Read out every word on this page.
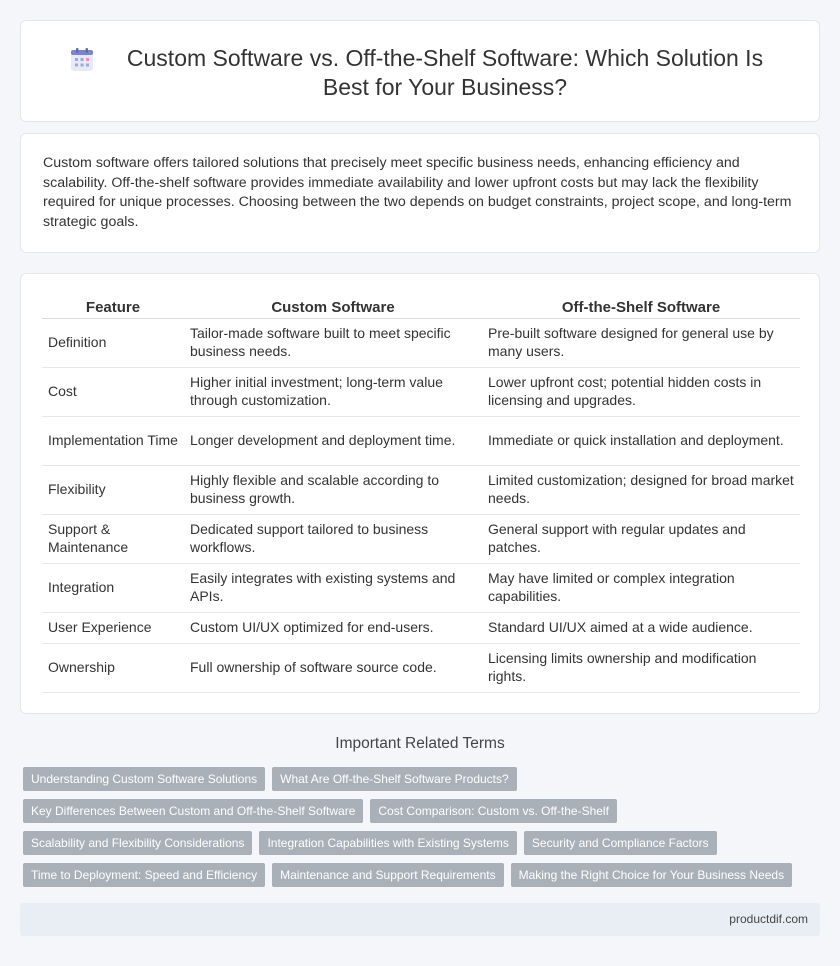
Custom Software vs. Off-the-Shelf Software: Which Solution Is Best for Your Business?

Custom software offers tailored solutions that precisely meet specific business needs, enhancing efficiency and scalability. Off-the-shelf software provides immediate availability and lower upfront costs but may lack the flexibility required for unique processes. Choosing between the two depends on budget constraints, project scope, and long-term strategic goals.

Feature	Custom Software	Off-the-Shelf Software
Definition	Tailor-made software built to meet specific business needs.	Pre-built software designed for general use by many users.
Cost	Higher initial investment; long-term value through customization.	Lower upfront cost; potential hidden costs in licensing and upgrades.
Implementation Time	Longer development and deployment time.	Immediate or quick installation and deployment.
Flexibility	Highly flexible and scalable according to business growth.	Limited customization; designed for broad market needs.
Support & Maintenance	Dedicated support tailored to business workflows.	General support with regular updates and patches.
Integration	Easily integrates with existing systems and APIs.	May have limited or complex integration capabilities.
User Experience	Custom UI/UX optimized for end-users.	Standard UI/UX aimed at a wide audience.
Ownership	Full ownership of software source code.	Licensing limits ownership and modification rights.
Important Related Terms
Understanding Custom Software Solutions	What Are Off-the-Shelf Software Products?
Key Differences Between Custom and Off-the-Shelf Software	Cost Comparison: Custom vs. Off-the-Shelf
Scalability and Flexibility Considerations	Integration Capabilities with Existing Systems	Security and Compliance Factors
Time to Deployment: Speed and Efficiency	Maintenance and Support Requirements	Making the Right Choice for Your Business Needs
productdif.com
